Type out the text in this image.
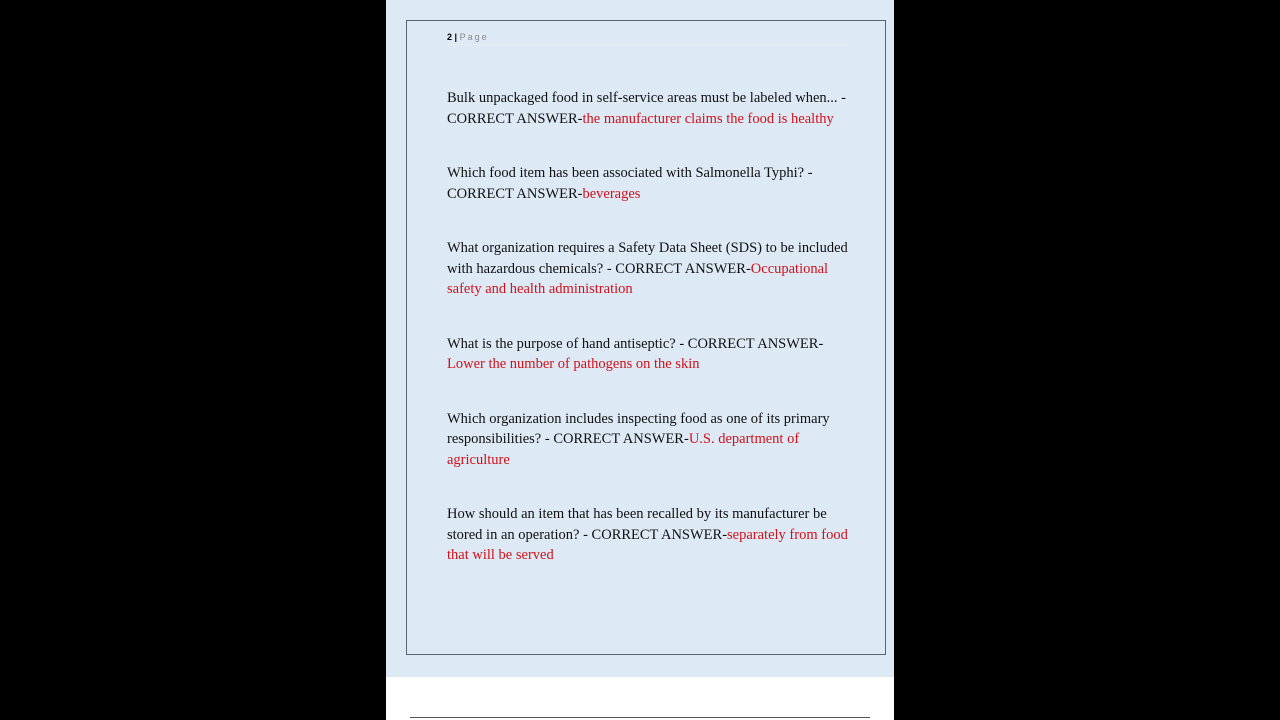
2 | Page

Bulk unpackaged food in self-service areas must be labeled when... - CORRECT ANSWER-the manufacturer claims the food is healthy

Which food item has been associated with Salmonella Typhi? - CORRECT ANSWER-beverages

What organization requires a Safety Data Sheet (SDS) to be included with hazardous chemicals? - CORRECT ANSWER-Occupational safety and health administration

What is the purpose of hand antiseptic? - CORRECT ANSWER-Lower the number of pathogens on the skin

Which organization includes inspecting food as one of its primary responsibilities? - CORRECT ANSWER-U.S. department of agriculture

How should an item that has been recalled by its manufacturer be stored in an operation? - CORRECT ANSWER-separately from food that will be served
